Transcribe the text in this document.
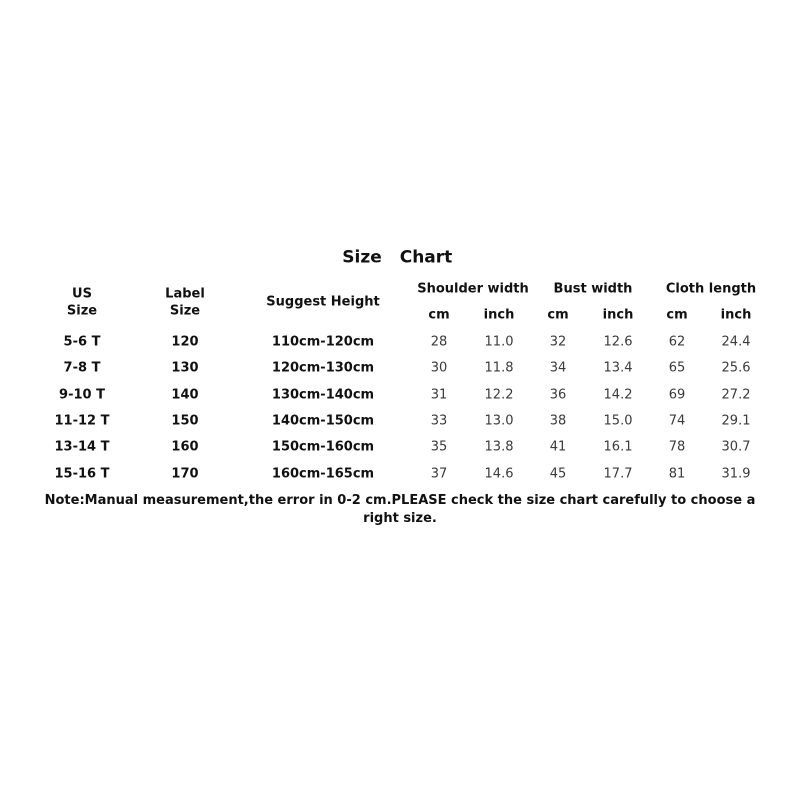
Size Chart
US
Size
Label
Size
Suggest Height
Shoulder width Bust width	Cloth length
cm	inch	cm	inch	cm	inch
5-6 T	120	110cm-120cm	28	11.0	32	12.6	62	24.4
7-8 T	130	120cm-130cm	30	11.8	34	13.4	65	25.6
9-10 T	140	130cm-140cm	31	12.2	36	14.2	69	27.2
11-12 T	150	140cm-150cm	33	13.0	38	15.0	74	29.1
13-14 T	160	150cm-160cm	35	13.8	41	16.1	78	30.7
15-16 T	170	160cm-165cm	37	14.6	45	17.7	81	31.9
Note:Manual measurement,the error in 0-2 cm.PLEASE check the size chart carefully to choose a right size.
